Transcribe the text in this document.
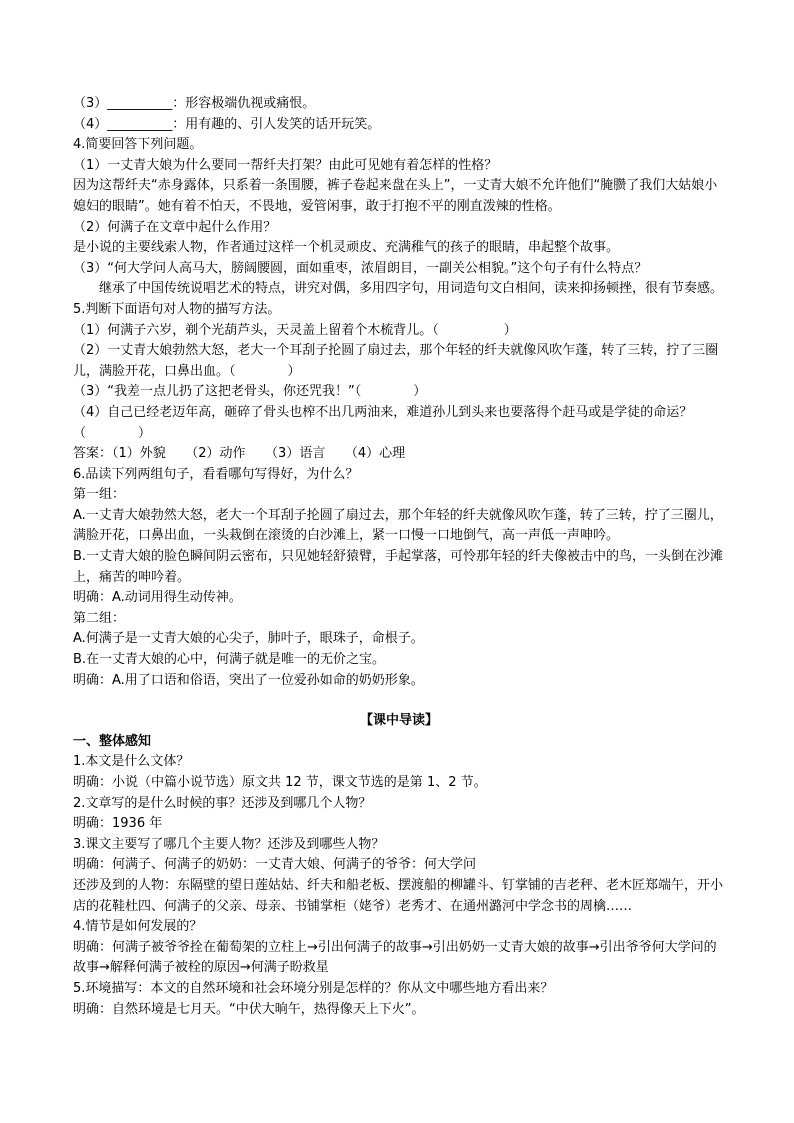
（3）__________：形容极端仇视或痛恨。
（4）__________：用有趣的、引人发笑的话开玩笑。
4.简要回答下列问题。
（1）一丈青大娘为什么要同一帮纤夫打架？由此可见她有着怎样的性格？
因为这帮纤夫“赤身露体，只系着一条围腰，裤子卷起来盘在头上”，一丈青大娘不允许他们“腌臜了我们大姑娘小媳妇的眼睛”。她有着不怕天，不畏地，爱管闲事，敢于打抱不平的刚直泼辣的性格。
（2）何满子在文章中起什么作用？
是小说的主要线索人物，作者通过这样一个机灵顽皮、充满稚气的孩子的眼睛，串起整个故事。
（3）“何大学问人高马大，膀阔腰圆，面如重枣，浓眉朗目，一副关公相貌。”这个句子有什么特点？
继承了中国传统说唱艺术的特点，讲究对偶，多用四字句，用词造句文白相间，读来抑扬顿挫，很有节奏感。
5.判断下面语句对人物的描写方法。
（1）何满子六岁，剃个光葫芦头，天灵盖上留着个木梳背儿。（　　　　　）
（2）一丈青大娘勃然大怒，老大一个耳刮子抡圆了扇过去，那个年轻的纤夫就像风吹乍蓬，转了三转，拧了三圈儿，满脸开花，口鼻出血。（　　　　）
（3）“我差一点儿扔了这把老骨头，你还咒我！”（　　　　）
（4）自己已经老迈年高，砸碎了骨头也榨不出几两油来，难道孙儿到头来也要落得个赶马或是学徒的命运？（　　　　）
答案：（1）外貌　　（2）动作　　（3）语言　　（4）心理
6.品读下列两组句子，看看哪句写得好，为什么？
第一组：
A.一丈青大娘勃然大怒，老大一个耳刮子抡圆了扇过去，那个年轻的纤夫就像风吹乍蓬，转了三转，拧了三圈儿，满脸开花，口鼻出血，一头栽倒在滚烫的白沙滩上，紧一口慢一口地倒气，高一声低一声呻吟。
B.一丈青大娘的脸色瞬间阴云密布，只见她轻舒猿臂，手起掌落，可怜那年轻的纤夫像被击中的鸟，一头倒在沙滩上，痛苦的呻吟着。
明确：A.动词用得生动传神。
第二组：
A.何满子是一丈青大娘的心尖子，肺叶子，眼珠子，命根子。
B.在一丈青大娘的心中，何满子就是唯一的无价之宝。
明确：A.用了口语和俗语，突出了一位爱孙如命的奶奶形象。
【课中导读】
一、整体感知
1.本文是什么文体？
明确：小说（中篇小说节选）原文共 12 节，课文节选的是第 1、2 节。
2.文章写的是什么时候的事？还涉及到哪几个人物？
明确：1936 年
3.课文主要写了哪几个主要人物？还涉及到哪些人物？
明确：何满子、何满子的奶奶：一丈青大娘、何满子的爷爷：何大学问
还涉及到的人物：东隔壁的望日莲姑姑、纤夫和船老板、摆渡船的柳罐斗、钉掌铺的吉老秤、老木匠郑端午，开小店的花鞋杜四、何满子的父亲、母亲、书铺掌柜（姥爷）老秀才、在通州潞河中学念书的周檎……
4.情节是如何发展的？
明确：何满子被爷爷拴在葡萄架的立柱上→引出何满子的故事→引出奶奶一丈青大娘的故事→引出爷爷何大学问的故事→解释何满子被栓的原因→何满子盼救星
5.环境描写：本文的自然环境和社会环境分别是怎样的？你从文中哪些地方看出来？
明确：自然环境是七月天。“中伏大晌午，热得像天上下火”。
